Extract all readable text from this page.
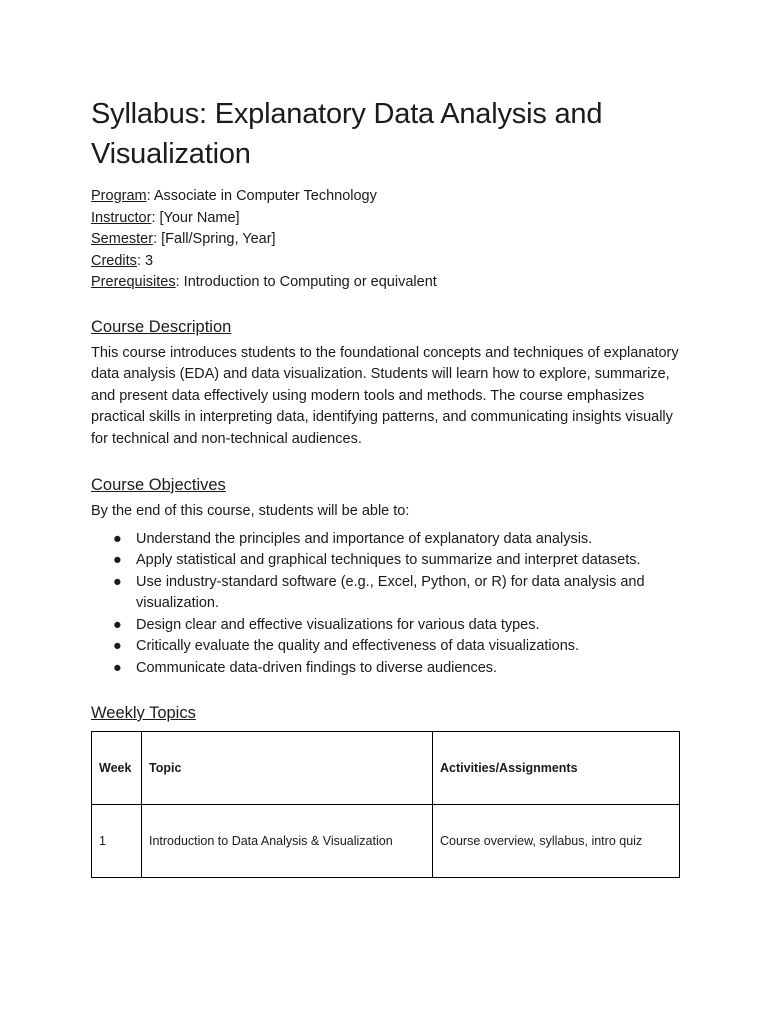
Syllabus: Explanatory Data Analysis and Visualization
Program: Associate in Computer Technology
Instructor: [Your Name]
Semester: [Fall/Spring, Year]
Credits: 3
Prerequisites: Introduction to Computing or equivalent
Course Description

This course introduces students to the foundational concepts and techniques of explanatory data analysis (EDA) and data visualization. Students will learn how to explore, summarize, and present data effectively using modern tools and methods. The course emphasizes practical skills in interpreting data, identifying patterns, and communicating insights visually for technical and non-technical audiences.

Course Objectives

By the end of this course, students will be able to:

● Understand the principles and importance of explanatory data analysis.
● Apply statistical and graphical techniques to summarize and interpret datasets.
● Use industry-standard software (e.g., Excel, Python, or R) for data analysis and visualization.
● Design clear and effective visualizations for various data types.
● Critically evaluate the quality and effectiveness of data visualizations.
● Communicate data-driven findings to diverse audiences.
Weekly Topics
Week	Topic	Activities/Assignments
1	Introduction to Data Analysis & Visualization	Course overview, syllabus, intro quiz
